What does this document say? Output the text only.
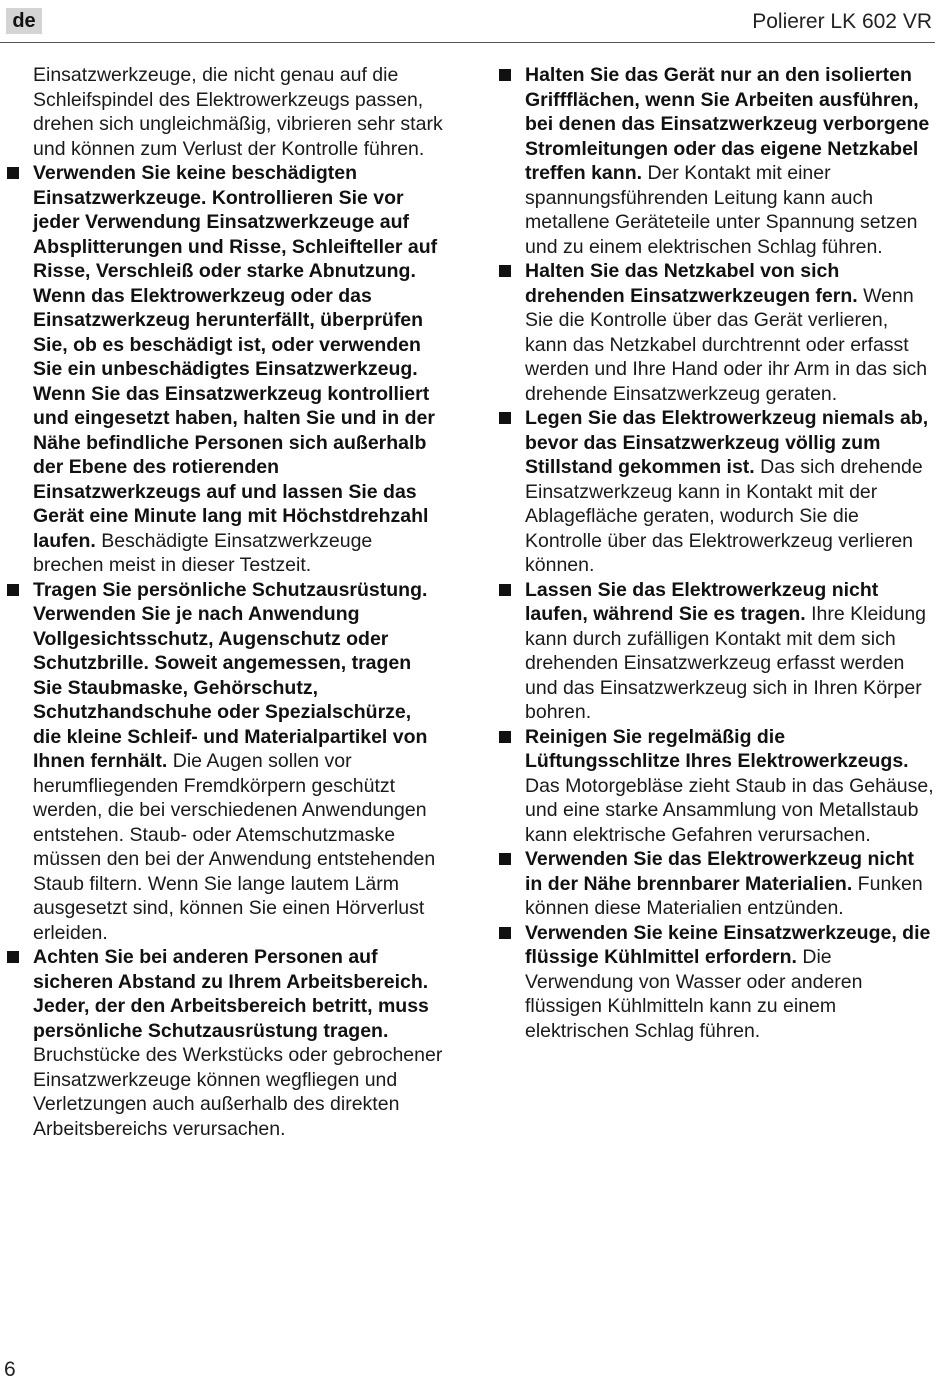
de	Polierer LK 602 VR

Einsatzwerkzeuge, die nicht genau auf die Schleifspindel des Elektrowerkzeugs passen, drehen sich ungleichmäßig, vibrieren sehr stark und können zum Verlust der Kontrolle führen.

Verwenden Sie keine beschädigten Einsatzwerkzeuge. Kontrollieren Sie vor jeder Verwendung Einsatzwerkzeuge auf Absplitterungen und Risse, Schleifteller auf Risse, Verschleiß oder starke Abnutzung. Wenn das Elektrowerkzeug oder das Einsatzwerkzeug herunterfällt, überprüfen Sie, ob es beschädigt ist, oder verwenden Sie ein unbeschädigtes Einsatzwerkzeug. Wenn Sie das Einsatzwerkzeug kontrolliert und eingesetzt haben, halten Sie und in der Nähe befindliche Personen sich außerhalb der Ebene des rotierenden Einsatzwerkzeugs auf und lassen Sie das Gerät eine Minute lang mit Höchstdrehzahl laufen. Beschädigte Einsatzwerkzeuge brechen meist in dieser Testzeit.
Tragen Sie persönliche Schutzausrüstung. Verwenden Sie je nach Anwendung Vollgesichtsschutz, Augenschutz oder Schutzbrille. Soweit angemessen, tragen Sie Staubmaske, Gehörschutz, Schutzhandschuhe oder Spezialschürze, die kleine Schleif- und Materialpartikel von Ihnen fernhält. Die Augen sollen vor herumfliegenden Fremdkörpern geschützt werden, die bei verschiedenen Anwendungen entstehen. Staub- oder Atemschutzmaske müssen den bei der Anwendung entstehenden Staub filtern. Wenn Sie lange lautem Lärm ausgesetzt sind, können Sie einen Hörverlust erleiden.
Achten Sie bei anderen Personen auf sicheren Abstand zu Ihrem Arbeitsbereich. Jeder, der den Arbeitsbereich betritt, muss persönliche Schutzausrüstung tragen. Bruchstücke des Werkstücks oder gebrochener Einsatzwerkzeuge können wegfliegen und Verletzungen auch außerhalb des direkten Arbeitsbereichs verursachen.
Halten Sie das Gerät nur an den isolierten Griffflächen, wenn Sie Arbeiten ausführen, bei denen das Einsatzwerkzeug verborgene Stromleitungen oder das eigene Netzkabel treffen kann. Der Kontakt mit einer spannungsführenden Leitung kann auch metallene Geräteteile unter Spannung setzen und zu einem elektrischen Schlag führen.
Halten Sie das Netzkabel von sich drehenden Einsatzwerkzeugen fern. Wenn Sie die Kontrolle über das Gerät verlieren, kann das Netzkabel durchtrennt oder erfasst werden und Ihre Hand oder ihr Arm in das sich drehende Einsatzwerkzeug geraten.
Legen Sie das Elektrowerkzeug niemals ab, bevor das Einsatzwerkzeug völlig zum Stillstand gekommen ist. Das sich drehende Einsatzwerkzeug kann in Kontakt mit der Ablagefläche geraten, wodurch Sie die Kontrolle über das Elektrowerkzeug verlieren können.
Lassen Sie das Elektrowerkzeug nicht laufen, während Sie es tragen. Ihre Kleidung kann durch zufälligen Kontakt mit dem sich drehenden Einsatzwerkzeug erfasst werden und das Einsatzwerkzeug sich in Ihren Körper bohren.
Reinigen Sie regelmäßig die Lüftungsschlitze Ihres Elektrowerkzeugs. Das Motorgebläse zieht Staub in das Gehäuse, und eine starke Ansammlung von Metallstaub kann elektrische Gefahren verursachen.
Verwenden Sie das Elektrowerkzeug nicht in der Nähe brennbarer Materialien. Funken können diese Materialien entzünden.
Verwenden Sie keine Einsatzwerkzeuge, die flüssige Kühlmittel erfordern. Die Verwendung von Wasser oder anderen flüssigen Kühlmitteln kann zu einem elektrischen Schlag führen.
6
